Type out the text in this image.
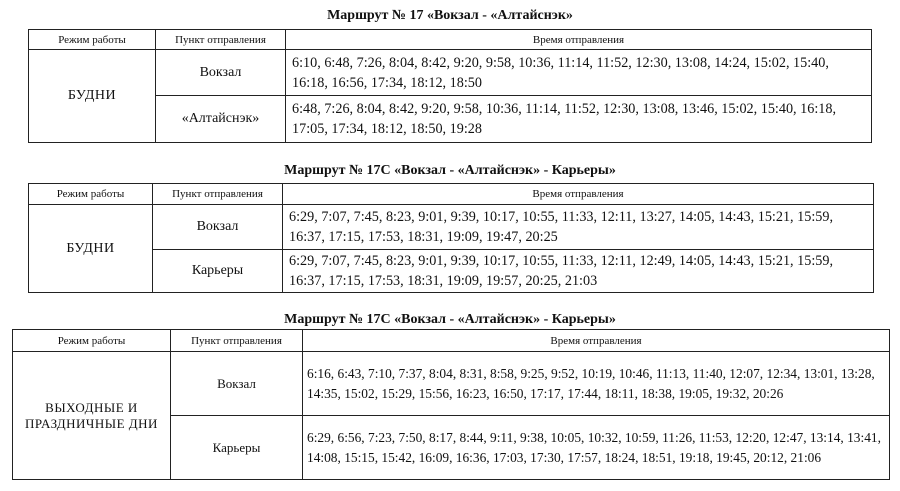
Маршрут № 17 «Вокзал - «Алтайснэк»
Режим работы	Пункт отправления	Время отправления
БУДНИ	Вокзал	6:10, 6:48, 7:26, 8:04, 8:42, 9:20, 9:58, 10:36, 11:14, 11:52, 12:30, 13:08, 14:24, 15:02, 15:40, 16:18, 16:56, 17:34, 18:12, 18:50
	«Алтайснэк»	6:48, 7:26, 8:04, 8:42, 9:20, 9:58, 10:36, 11:14, 11:52, 12:30, 13:08, 13:46, 15:02, 15:40, 16:18, 17:05, 17:34, 18:12, 18:50, 19:28
Маршрут № 17С «Вокзал - «Алтайснэк» - Карьеры»
Режим работы	Пункт отправления	Время отправления
БУДНИ	Вокзал	6:29, 7:07, 7:45, 8:23, 9:01, 9:39, 10:17, 10:55, 11:33, 12:11, 13:27, 14:05, 14:43, 15:21, 15:59, 16:37, 17:15, 17:53, 18:31, 19:09, 19:47, 20:25
	Карьеры	6:29, 7:07, 7:45, 8:23, 9:01, 9:39, 10:17, 10:55, 11:33, 12:11, 12:49, 14:05, 14:43, 15:21, 15:59, 16:37, 17:15, 17:53, 18:31, 19:09, 19:57, 20:25, 21:03
Маршрут № 17С «Вокзал - «Алтайснэк» - Карьеры»
Режим работы	Пункт отправления	Время отправления
ВЫХОДНЫЕ И ПРАЗДНИЧНЫЕ ДНИ	Вокзал	6:16, 6:43, 7:10, 7:37, 8:04, 8:31, 8:58, 9:25, 9:52, 10:19, 10:46, 11:13, 11:40, 12:07, 12:34, 13:01, 13:28, 14:35, 15:02, 15:29, 15:56, 16:23, 16:50, 17:17, 17:44, 18:11, 18:38, 19:05, 19:32, 20:26
	Карьеры	6:29, 6:56, 7:23, 7:50, 8:17, 8:44, 9:11, 9:38, 10:05, 10:32, 10:59, 11:26, 11:53, 12:20, 12:47, 13:14, 13:41, 14:08, 15:15, 15:42, 16:09, 16:36, 17:03, 17:30, 17:57, 18:24, 18:51, 19:18, 19:45, 20:12, 21:06
